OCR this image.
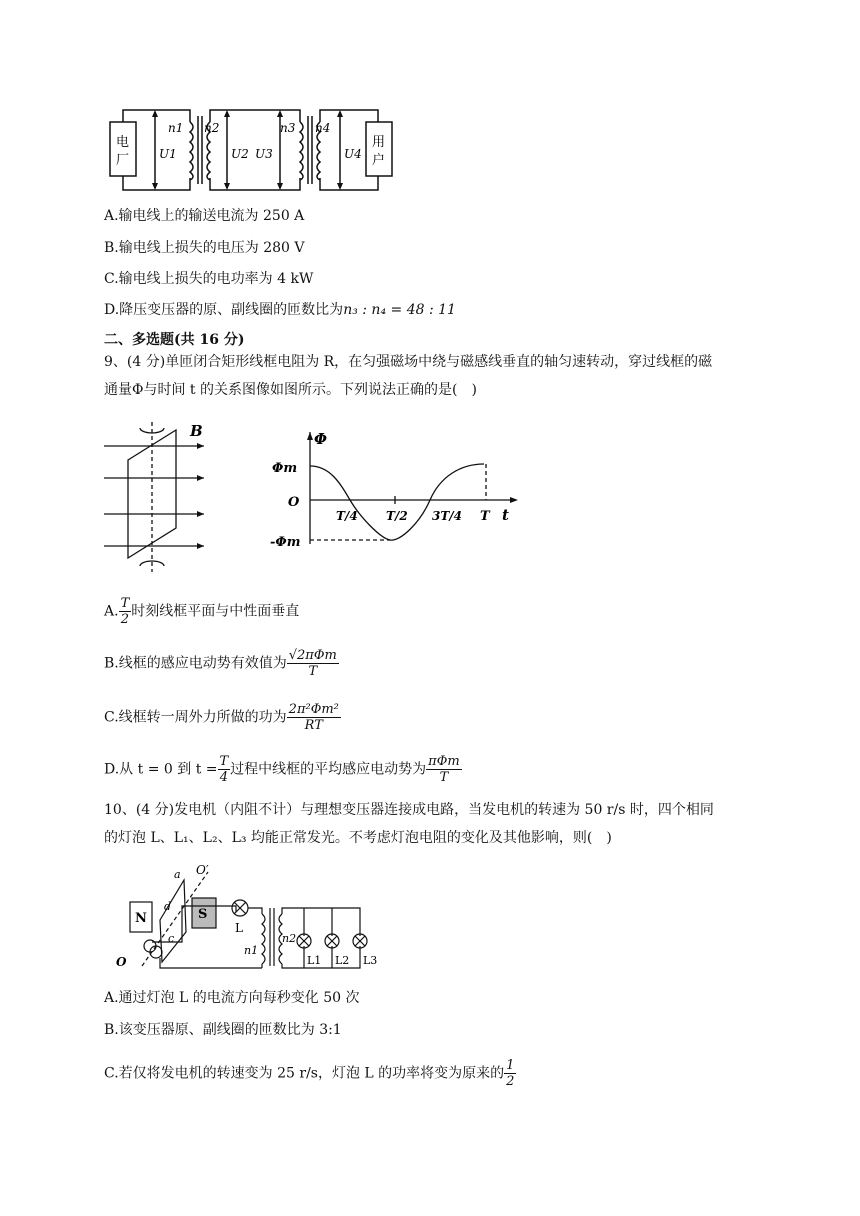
电
厂
用
户
n1 n2	n3 n4
U1	U2 U3	U4
A.输电线上的输送电流为 250 A
B.输电线上损失的电压为 280 V
C.输电线上损失的电功率为 4 kW
D.降压变压器的原、副线圈的匝数比为n₃ : n₄ = 48 : 11
二、多选题(共 16 分)
9、(4 分)单匝闭合矩形线框电阻为 R，在匀强磁场中绕与磁感线垂直的轴匀速转动，穿过线框的磁
通量Φ与时间 t 的关系图像如图所示。下列说法正确的是(　)
B	Φ
Φm
O
-Φm
t
T/4 T/2 3T/4 T
A. $\frac{T}{2}$ 时刻线框平面与中性面垂直
B.线框的感应电动势有效值为 $\frac{\text{√2πΦm}}{T}$
C.线框转一周外力所做的功为 $\frac{\text{2π²Φm²}}{RT}$
D.从 t = 0 到 $t = \frac{T}{4}$ 过程中线框的平均感应电动势为 $\frac{\text{πΦm}}{T}$
10、(4 分)发电机（内阻不计）与理想变压器连接成电路，当发电机的转速为 50 r/s 时，四个相同
的灯泡 L、L₁、L₂、L₃ 均能正常发光。不考虑灯泡电阻的变化及其他影响，则(　)
O′
O
a
d
c
N	S
L
n1
n2
L1 L2 L3
A.通过灯泡 L 的电流方向每秒变化 50 次
B.该变压器原、副线圈的匝数比为 3:1
C.若仅将发电机的转速变为 25 r/s，灯泡 L 的功率将变为原来的 $\frac{1}{2}$
